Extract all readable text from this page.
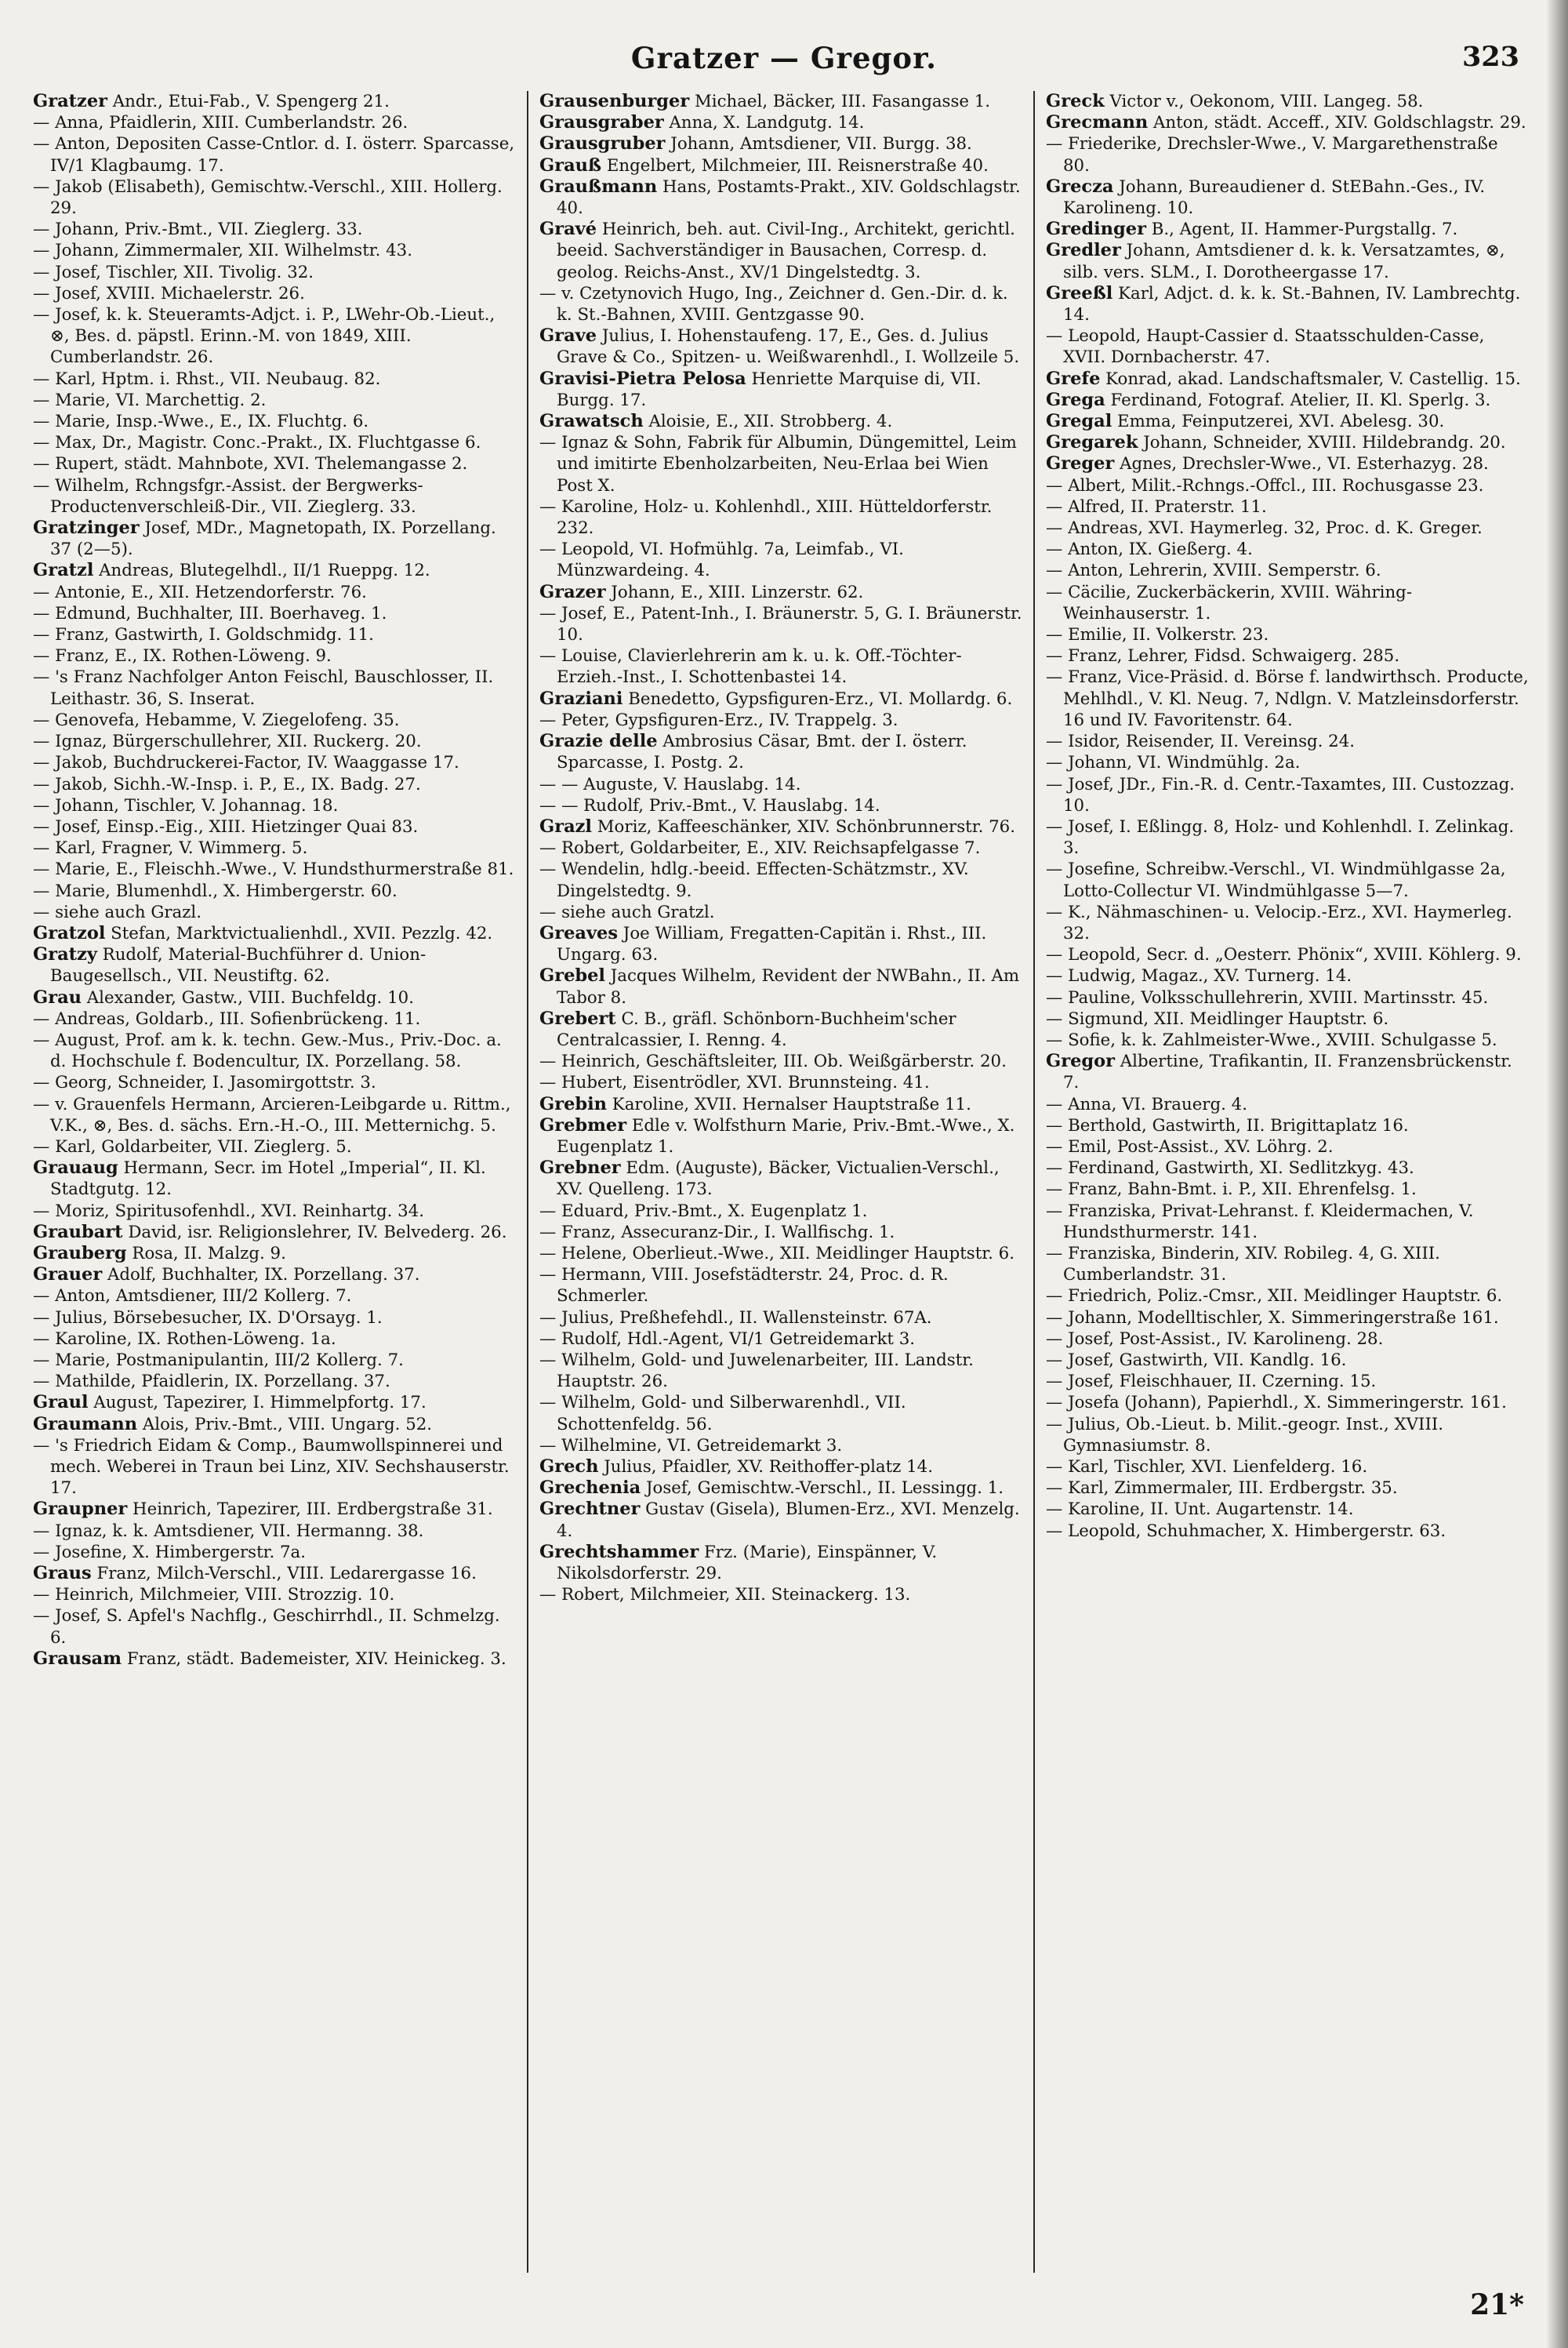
Gratzer — Gregor.	323
Gratzer Andr., Etui-Fab., V. Spengerg 21.
— Anna, Pfaidlerin, XIII. Cumberlandstr. 26.
— Anton, Depositen Casse-Cntlor. d. I. österr. Sparcasse, IV/1 Klagbaumg. 17.
— Jakob (Elisabeth), Gemischtw.-Verschl., XIII. Hollerg. 29.
— Johann, Priv.-Bmt., VII. Zieglerg. 33.
— Johann, Zimmermaler, XII. Wilhelmstr. 43.
— Josef, Tischler, XII. Tivolig. 32.
— Josef, XVIII. Michaelerstr. 26.
— Josef, k. k. Steueramts-Adjct. i. P., LWehr-Ob.-Lieut., ⊗, Bes. d. päpstl. Erinn.-M. von 1849, XIII. Cumberlandstr. 26.
— Karl, Hptm. i. Rhst., VII. Neubaug. 82.
— Marie, VI. Marchettig. 2.
— Marie, Insp.-Wwe., E., IX. Fluchtg. 6.
— Max, Dr., Magistr. Conc.-Prakt., IX. Fluchtgasse 6.
— Rupert, städt. Mahnbote, XVI. Thelemangasse 2.
— Wilhelm, Rchngsfgr.-Assist. der Bergwerks-Productenverschleiß-Dir., VII. Zieglerg. 33.
Gratzinger Josef, MDr., Magnetopath, IX. Porzellang. 37 (2—5).
Gratzl Andreas, Blutegelhdl., II/1 Rueppg. 12.
— Antonie, E., XII. Hetzendorferstr. 76.
— Edmund, Buchhalter, III. Boerhaveg. 1.
— Franz, Gastwirth, I. Goldschmidg. 11.
— Franz, E., IX. Rothen-Löweng. 9.
— 's Franz Nachfolger Anton Feischl, Bauschlosser, II. Leithastr. 36, S. Inserat.
— Genovefa, Hebamme, V. Ziegelofeng. 35.
— Ignaz, Bürgerschullehrer, XII. Ruckerg. 20.
— Jakob, Buchdruckerei-Factor, IV. Waaggasse 17.
— Jakob, Sichh.-W.-Insp. i. P., E., IX. Badg. 27.
— Johann, Tischler, V. Johannag. 18.
— Josef, Einsp.-Eig., XIII. Hietzinger Quai 83.
— Karl, Fragner, V. Wimmerg. 5.
— Marie, E., Fleischh.-Wwe., V. Hundsthurmerstraße 81.
— Marie, Blumenhdl., X. Himbergerstr. 60.
— siehe auch Grazl.
Gratzol Stefan, Marktvictualienhdl., XVII. Pezzlg. 42.
Gratzy Rudolf, Material-Buchführer d. Union-Baugesellsch., VII. Neustiftg. 62.
Grau Alexander, Gastw., VIII. Buchfeldg. 10.
— Andreas, Goldarb., III. Sofienbrückeng. 11.
— August, Prof. am k. k. techn. Gew.-Mus., Priv.-Doc. a. d. Hochschule f. Bodencultur, IX. Porzellang. 58.
— Georg, Schneider, I. Jasomirgottstr. 3.
— v. Grauenfels Hermann, Arcieren-Leibgarde u. Rittm., V.K., ⊗, Bes. d. sächs. Ern.-H.-O., III. Metternichg. 5.
— Karl, Goldarbeiter, VII. Zieglerg. 5.
Grauaug Hermann, Secr. im Hotel „Imperial“, II. Kl. Stadtgutg. 12.
— Moriz, Spiritusofenhdl., XVI. Reinhartg. 34.
Graubart David, isr. Religionslehrer, IV. Belvederg. 26.
Grauberg Rosa, II. Malzg. 9.
Grauer Adolf, Buchhalter, IX. Porzellang. 37.
— Anton, Amtsdiener, III/2 Kollerg. 7.
— Julius, Börsebesucher, IX. D'Orsayg. 1.
— Karoline, IX. Rothen-Löweng. 1a.
— Marie, Postmanipulantin, III/2 Kollerg. 7.
— Mathilde, Pfaidlerin, IX. Porzellang. 37.
Graul August, Tapezirer, I. Himmelpfortg. 17.
Graumann Alois, Priv.-Bmt., VIII. Ungarg. 52.
— 's Friedrich Eidam & Comp., Baumwollspinnerei und mech. Weberei in Traun bei Linz, XIV. Sechshauserstr. 17.
Graupner Heinrich, Tapezirer, III. Erdbergstraße 31.
— Ignaz, k. k. Amtsdiener, VII. Hermanng. 38.
— Josefine, X. Himbergerstr. 7a.
Graus Franz, Milch-Verschl., VIII. Ledarergasse 16.
— Heinrich, Milchmeier, VIII. Strozzig. 10.
— Josef, S. Apfel's Nachflg., Geschirrhdl., II. Schmelzg. 6.
Grausam Franz, städt. Bademeister, XIV. Heinickeg. 3.
Grausenburger Michael, Bäcker, III. Fasangasse 1.
Grausgraber Anna, X. Landgutg. 14.
Grausgruber Johann, Amtsdiener, VII. Burgg. 38.
Grauß Engelbert, Milchmeier, III. Reisnerstraße 40.
Graußmann Hans, Postamts-Prakt., XIV. Goldschlagstr. 40.
Gravé Heinrich, beh. aut. Civil-Ing., Architekt, gerichtl. beeid. Sachverständiger in Bausachen, Corresp. d. geolog. Reichs-Anst., XV/1 Dingelstedtg. 3.
— v. Czetynovich Hugo, Ing., Zeichner d. Gen.-Dir. d. k. k. St.-Bahnen, XVIII. Gentzgasse 90.
Grave Julius, I. Hohenstaufeng. 17, E., Ges. d. Julius Grave & Co., Spitzen- u. Weißwarenhdl., I. Wollzeile 5.
Gravisi-Pietra Pelosa Henriette Marquise di, VII. Burgg. 17.
Grawatsch Aloisie, E., XII. Strobberg. 4.
— Ignaz & Sohn, Fabrik für Albumin, Düngemittel, Leim und imitirte Ebenholzarbeiten, Neu-Erlaa bei Wien Post X.
— Karoline, Holz- u. Kohlenhdl., XIII. Hütteldorferstr. 232.
— Leopold, VI. Hofmühlg. 7a, Leimfab., VI. Münzwardeing. 4.
Grazer Johann, E., XIII. Linzerstr. 62.
— Josef, E., Patent-Inh., I. Bräunerstr. 5, G. I. Bräunerstr. 10.
— Louise, Clavierlehrerin am k. u. k. Off.-Töchter-Erzieh.-Inst., I. Schottenbastei 14.
Graziani Benedetto, Gypsfiguren-Erz., VI. Mollardg. 6.
— Peter, Gypsfiguren-Erz., IV. Trappelg. 3.
Grazie delle Ambrosius Cäsar, Bmt. der I. österr. Sparcasse, I. Postg. 2.
— — Auguste, V. Hauslabg. 14.
— — Rudolf, Priv.-Bmt., V. Hauslabg. 14.
Grazl Moriz, Kaffeeschänker, XIV. Schönbrunnerstr. 76.
— Robert, Goldarbeiter, E., XIV. Reichsapfelgasse 7.
— Wendelin, hdlg.-beeid. Effecten-Schätzmstr., XV. Dingelstedtg. 9.
— siehe auch Gratzl.
Greaves Joe William, Fregatten-Capitän i. Rhst., III. Ungarg. 63.
Grebel Jacques Wilhelm, Revident der NWBahn., II. Am Tabor 8.
Grebert C. B., gräfl. Schönborn-Buchheim'scher Centralcassier, I. Renng. 4.
— Heinrich, Geschäftsleiter, III. Ob. Weißgärberstr. 20.
— Hubert, Eisentrödler, XVI. Brunnsteing. 41.
Grebin Karoline, XVII. Hernalser Hauptstraße 11.
Grebmer Edle v. Wolfsthurn Marie, Priv.-Bmt.-Wwe., X. Eugenplatz 1.
Grebner Edm. (Auguste), Bäcker, Victualien-Verschl., XV. Quelleng. 173.
— Eduard, Priv.-Bmt., X. Eugenplatz 1.
— Franz, Assecuranz-Dir., I. Wallfischg. 1.
— Helene, Oberlieut.-Wwe., XII. Meidlinger Hauptstr. 6.
— Hermann, VIII. Josefstädterstr. 24, Proc. d. R. Schmerler.
— Julius, Preßhefehdl., II. Wallensteinstr. 67A.
— Rudolf, Hdl.-Agent, VI/1 Getreidemarkt 3.
— Wilhelm, Gold- und Juwelenarbeiter, III. Landstr. Hauptstr. 26.
— Wilhelm, Gold- und Silberwarenhdl., VII. Schottenfeldg. 56.
— Wilhelmine, VI. Getreidemarkt 3.
Grech Julius, Pfaidler, XV. Reithoffer-platz 14.
Grechenia Josef, Gemischtw.-Verschl., II. Lessingg. 1.
Grechtner Gustav (Gisela), Blumen-Erz., XVI. Menzelg. 4.
Grechtshammer Frz. (Marie), Einspänner, V. Nikolsdorferstr. 29.
— Robert, Milchmeier, XII. Steinackerg. 13.
Greck Victor v., Oekonom, VIII. Langeg. 58.
Grecmann Anton, städt. Acceff., XIV. Goldschlagstr. 29.
— Friederike, Drechsler-Wwe., V. Margarethenstraße 80.
Grecza Johann, Bureaudiener d. StEBahn.-Ges., IV. Karolineng. 10.
Gredinger B., Agent, II. Hammer-Purgstallg. 7.
Gredler Johann, Amtsdiener d. k. k. Versatzamtes, ⊗, silb. vers. SLM., I. Dorotheergasse 17.
Greeßl Karl, Adjct. d. k. k. St.-Bahnen, IV. Lambrechtg. 14.
— Leopold, Haupt-Cassier d. Staatsschulden-Casse, XVII. Dornbacherstr. 47.
Grefe Konrad, akad. Landschaftsmaler, V. Castellig. 15.
Grega Ferdinand, Fotograf. Atelier, II. Kl. Sperlg. 3.
Gregal Emma, Feinputzerei, XVI. Abelesg. 30.
Gregarek Johann, Schneider, XVIII. Hildebrandg. 20.
Greger Agnes, Drechsler-Wwe., VI. Esterhazyg. 28.
— Albert, Milit.-Rchngs.-Offcl., III. Rochusgasse 23.
— Alfred, II. Praterstr. 11.
— Andreas, XVI. Haymerleg. 32, Proc. d. K. Greger.
— Anton, IX. Gießerg. 4.
— Anton, Lehrerin, XVIII. Semperstr. 6.
— Cäcilie, Zuckerbäckerin, XVIII. Währing-Weinhauserstr. 1.
— Emilie, II. Volkerstr. 23.
— Franz, Lehrer, Fidsd. Schwaigerg. 285.
— Franz, Vice-Präsid. d. Börse f. landwirthsch. Producte, Mehlhdl., V. Kl. Neug. 7, Ndlgn. V. Matzleinsdorferstr. 16 und IV. Favoritenstr. 64.
— Isidor, Reisender, II. Vereinsg. 24.
— Johann, VI. Windmühlg. 2a.
— Josef, JDr., Fin.-R. d. Centr.-Taxamtes, III. Custozzag. 10.
— Josef, I. Eßlingg. 8, Holz- und Kohlenhdl. I. Zelinkag. 3.
— Josefine, Schreibw.-Verschl., VI. Windmühlgasse 2a, Lotto-Collectur VI. Windmühlgasse 5—7.
— K., Nähmaschinen- u. Velocip.-Erz., XVI. Haymerleg. 32.
— Leopold, Secr. d. „Oesterr. Phönix“, XVIII. Köhlerg. 9.
— Ludwig, Magaz., XV. Turnerg. 14.
— Pauline, Volksschullehrerin, XVIII. Martinsstr. 45.
— Sigmund, XII. Meidlinger Hauptstr. 6.
— Sofie, k. k. Zahlmeister-Wwe., XVIII. Schulgasse 5.
Gregor Albertine, Trafikantin, II. Franzensbrückenstr. 7.
— Anna, VI. Brauerg. 4.
— Berthold, Gastwirth, II. Brigittaplatz 16.
— Emil, Post-Assist., XV. Löhrg. 2.
— Ferdinand, Gastwirth, XI. Sedlitzkyg. 43.
— Franz, Bahn-Bmt. i. P., XII. Ehrenfelsg. 1.
— Franziska, Privat-Lehranst. f. Kleidermachen, V. Hundsthurmerstr. 141.
— Franziska, Binderin, XIV. Robileg. 4, G. XIII. Cumberlandstr. 31.
— Friedrich, Poliz.-Cmsr., XII. Meidlinger Hauptstr. 6.
— Johann, Modelltischler, X. Simmeringerstraße 161.
— Josef, Post-Assist., IV. Karolineng. 28.
— Josef, Gastwirth, VII. Kandlg. 16.
— Josef, Fleischhauer, II. Czerning. 15.
— Josefa (Johann), Papierhdl., X. Simmeringerstr. 161.
— Julius, Ob.-Lieut. b. Milit.-geogr. Inst., XVIII. Gymnasiumstr. 8.
— Karl, Tischler, XVI. Lienfelderg. 16.
— Karl, Zimmermaler, III. Erdbergstr. 35.
— Karoline, II. Unt. Augartenstr. 14.
— Leopold, Schuhmacher, X. Himbergerstr. 63.
21*
